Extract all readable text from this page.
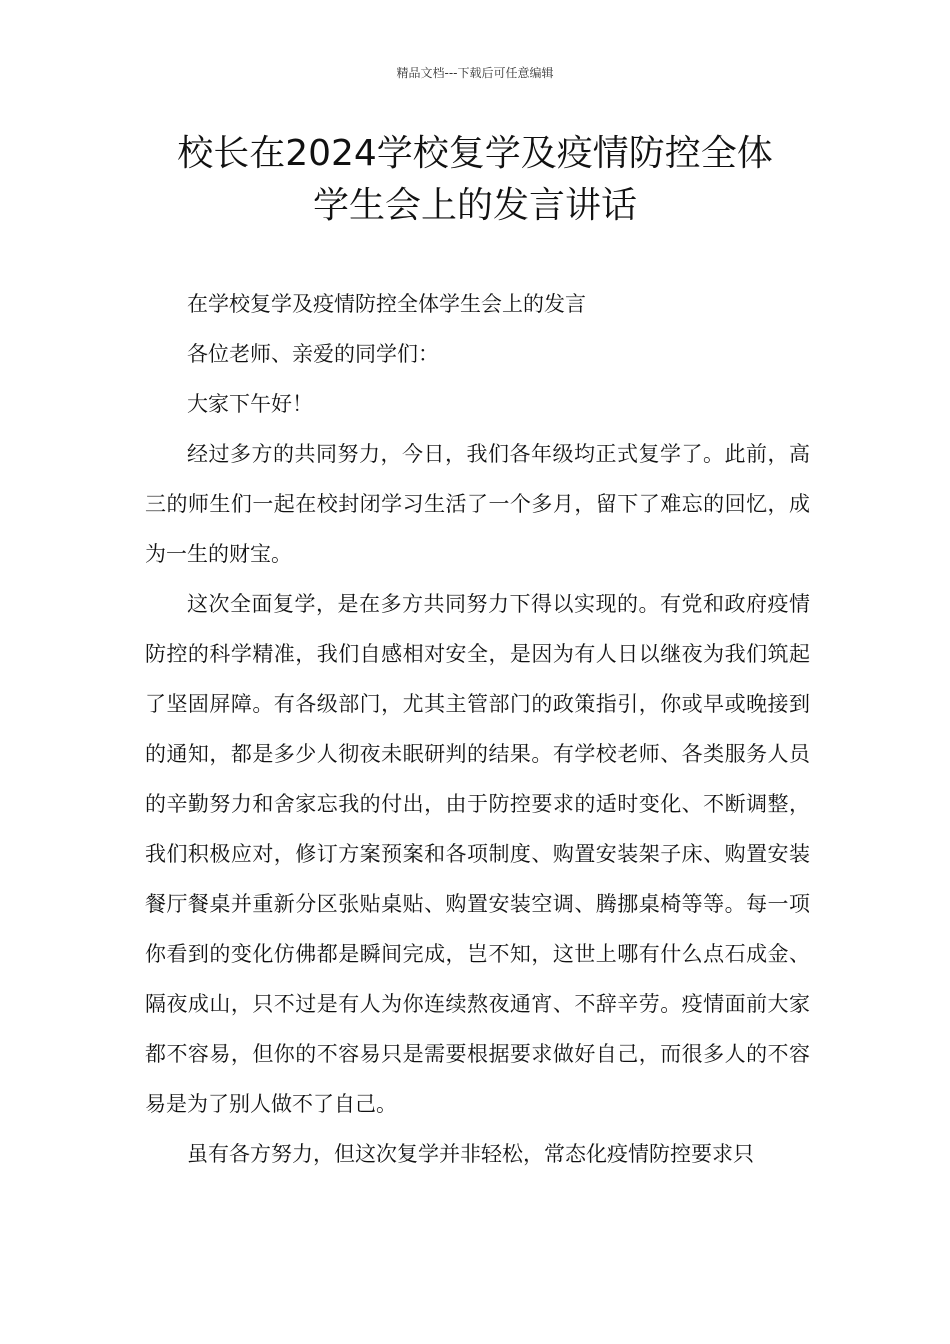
精品文档---下载后可任意编辑
校长在2024学校复学及疫情防控全体
学生会上的发言讲话

在学校复学及疫情防控全体学生会上的发言

各位老师、亲爱的同学们：

大家下午好！

经过多方的共同努力，今日，我们各年级均正式复学了。此前，高三的师生们一起在校封闭学习生活了一个多月，留下了难忘的回忆，成为一生的财宝。

这次全面复学，是在多方共同努力下得以实现的。有党和政府疫情防控的科学精准，我们自感相对安全，是因为有人日以继夜为我们筑起了坚固屏障。有各级部门，尤其主管部门的政策指引，你或早或晚接到的通知，都是多少人彻夜未眠研判的结果。有学校老师、各类服务人员的辛勤努力和舍家忘我的付出，由于防控要求的适时变化、不断调整，我们积极应对，修订方案预案和各项制度、购置安装架子床、购置安装餐厅餐桌并重新分区张贴桌贴、购置安装空调、腾挪桌椅等等。每一项你看到的变化仿佛都是瞬间完成，岂不知，这世上哪有什么点石成金、隔夜成山，只不过是有人为你连续熬夜通宵、不辞辛劳。疫情面前大家都不容易，但你的不容易只是需要根据要求做好自己，而很多人的不容易是为了别人做不了自己。

虽有各方努力，但这次复学并非轻松，常态化疫情防控要求只
